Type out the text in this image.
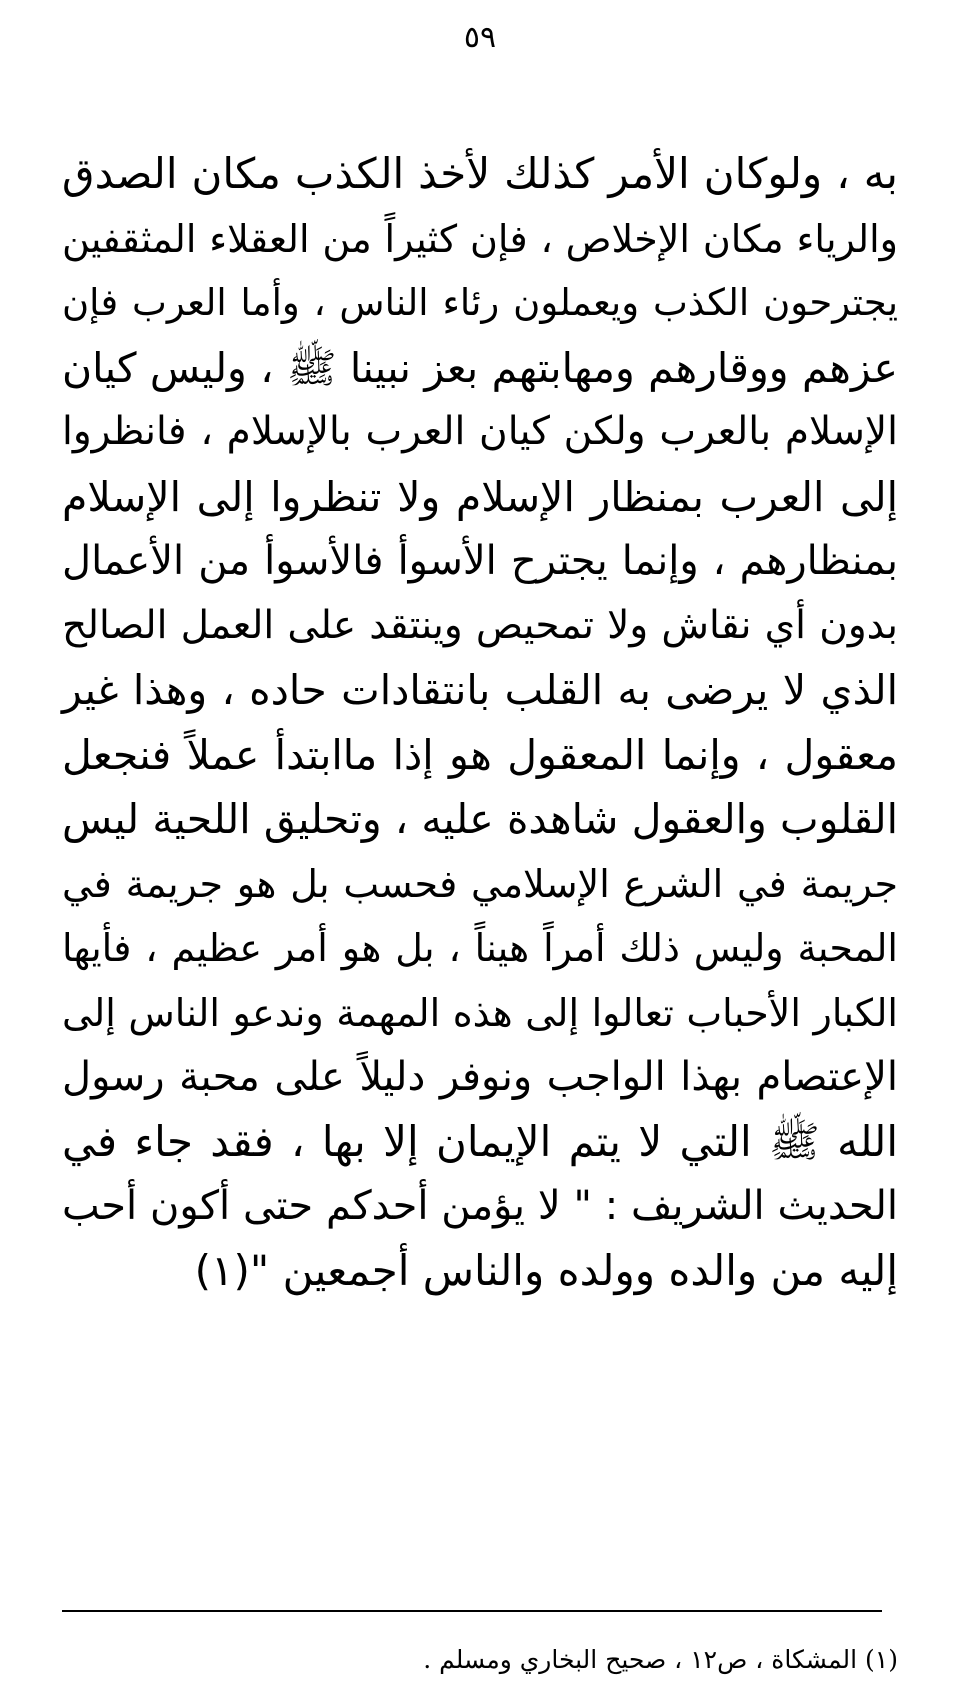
٥٩
به ، ولوكان الأمر كذلك لأخذ الكذب مكان الصدق
والرياء مكان الإخلاص ، فإن كثيراً من العقلاء المثقفين
يجترحون الكذب ويعملون رئاء الناس ، وأما العرب فإن
عزهم ووقارهم ومهابتهم بعز نبينا ﷺ ، وليس كيان
الإسلام بالعرب ولكن كيان العرب بالإسلام ، فانظروا
إلى العرب بمنظار الإسلام ولا تنظروا إلى الإسلام
بمنظارهم ، وإنما يجترح الأسوأ فالأسوأ من الأعمال
بدون أي نقاش ولا تمحيص وينتقد على العمل الصالح
الذي لا يرضى به القلب بانتقادات حاده ، وهذا غير
معقول ، وإنما المعقول هو إذا ماابتدأ عملاً فنجعل
القلوب والعقول شاهدة عليه ، وتحليق اللحية ليس
جريمة في الشرع الإسلامي فحسب بل هو جريمة في
المحبة وليس ذلك أمراً هيناً ، بل هو أمر عظيم ، فأيها
الكبار الأحباب تعالوا إلى هذه المهمة وندعو الناس إلى
الإعتصام بهذا الواجب ونوفر دليلاً على محبة رسول
الله ﷺ التي لا يتم الإيمان إلا بها ، فقد جاء في
الحديث الشريف : " لا يؤمن أحدكم حتى أكون أحب
إليه من والده وولده والناس أجمعين "(١)
(١) المشكاة ، ص١٢ ، صحيح البخاري ومسلم .
